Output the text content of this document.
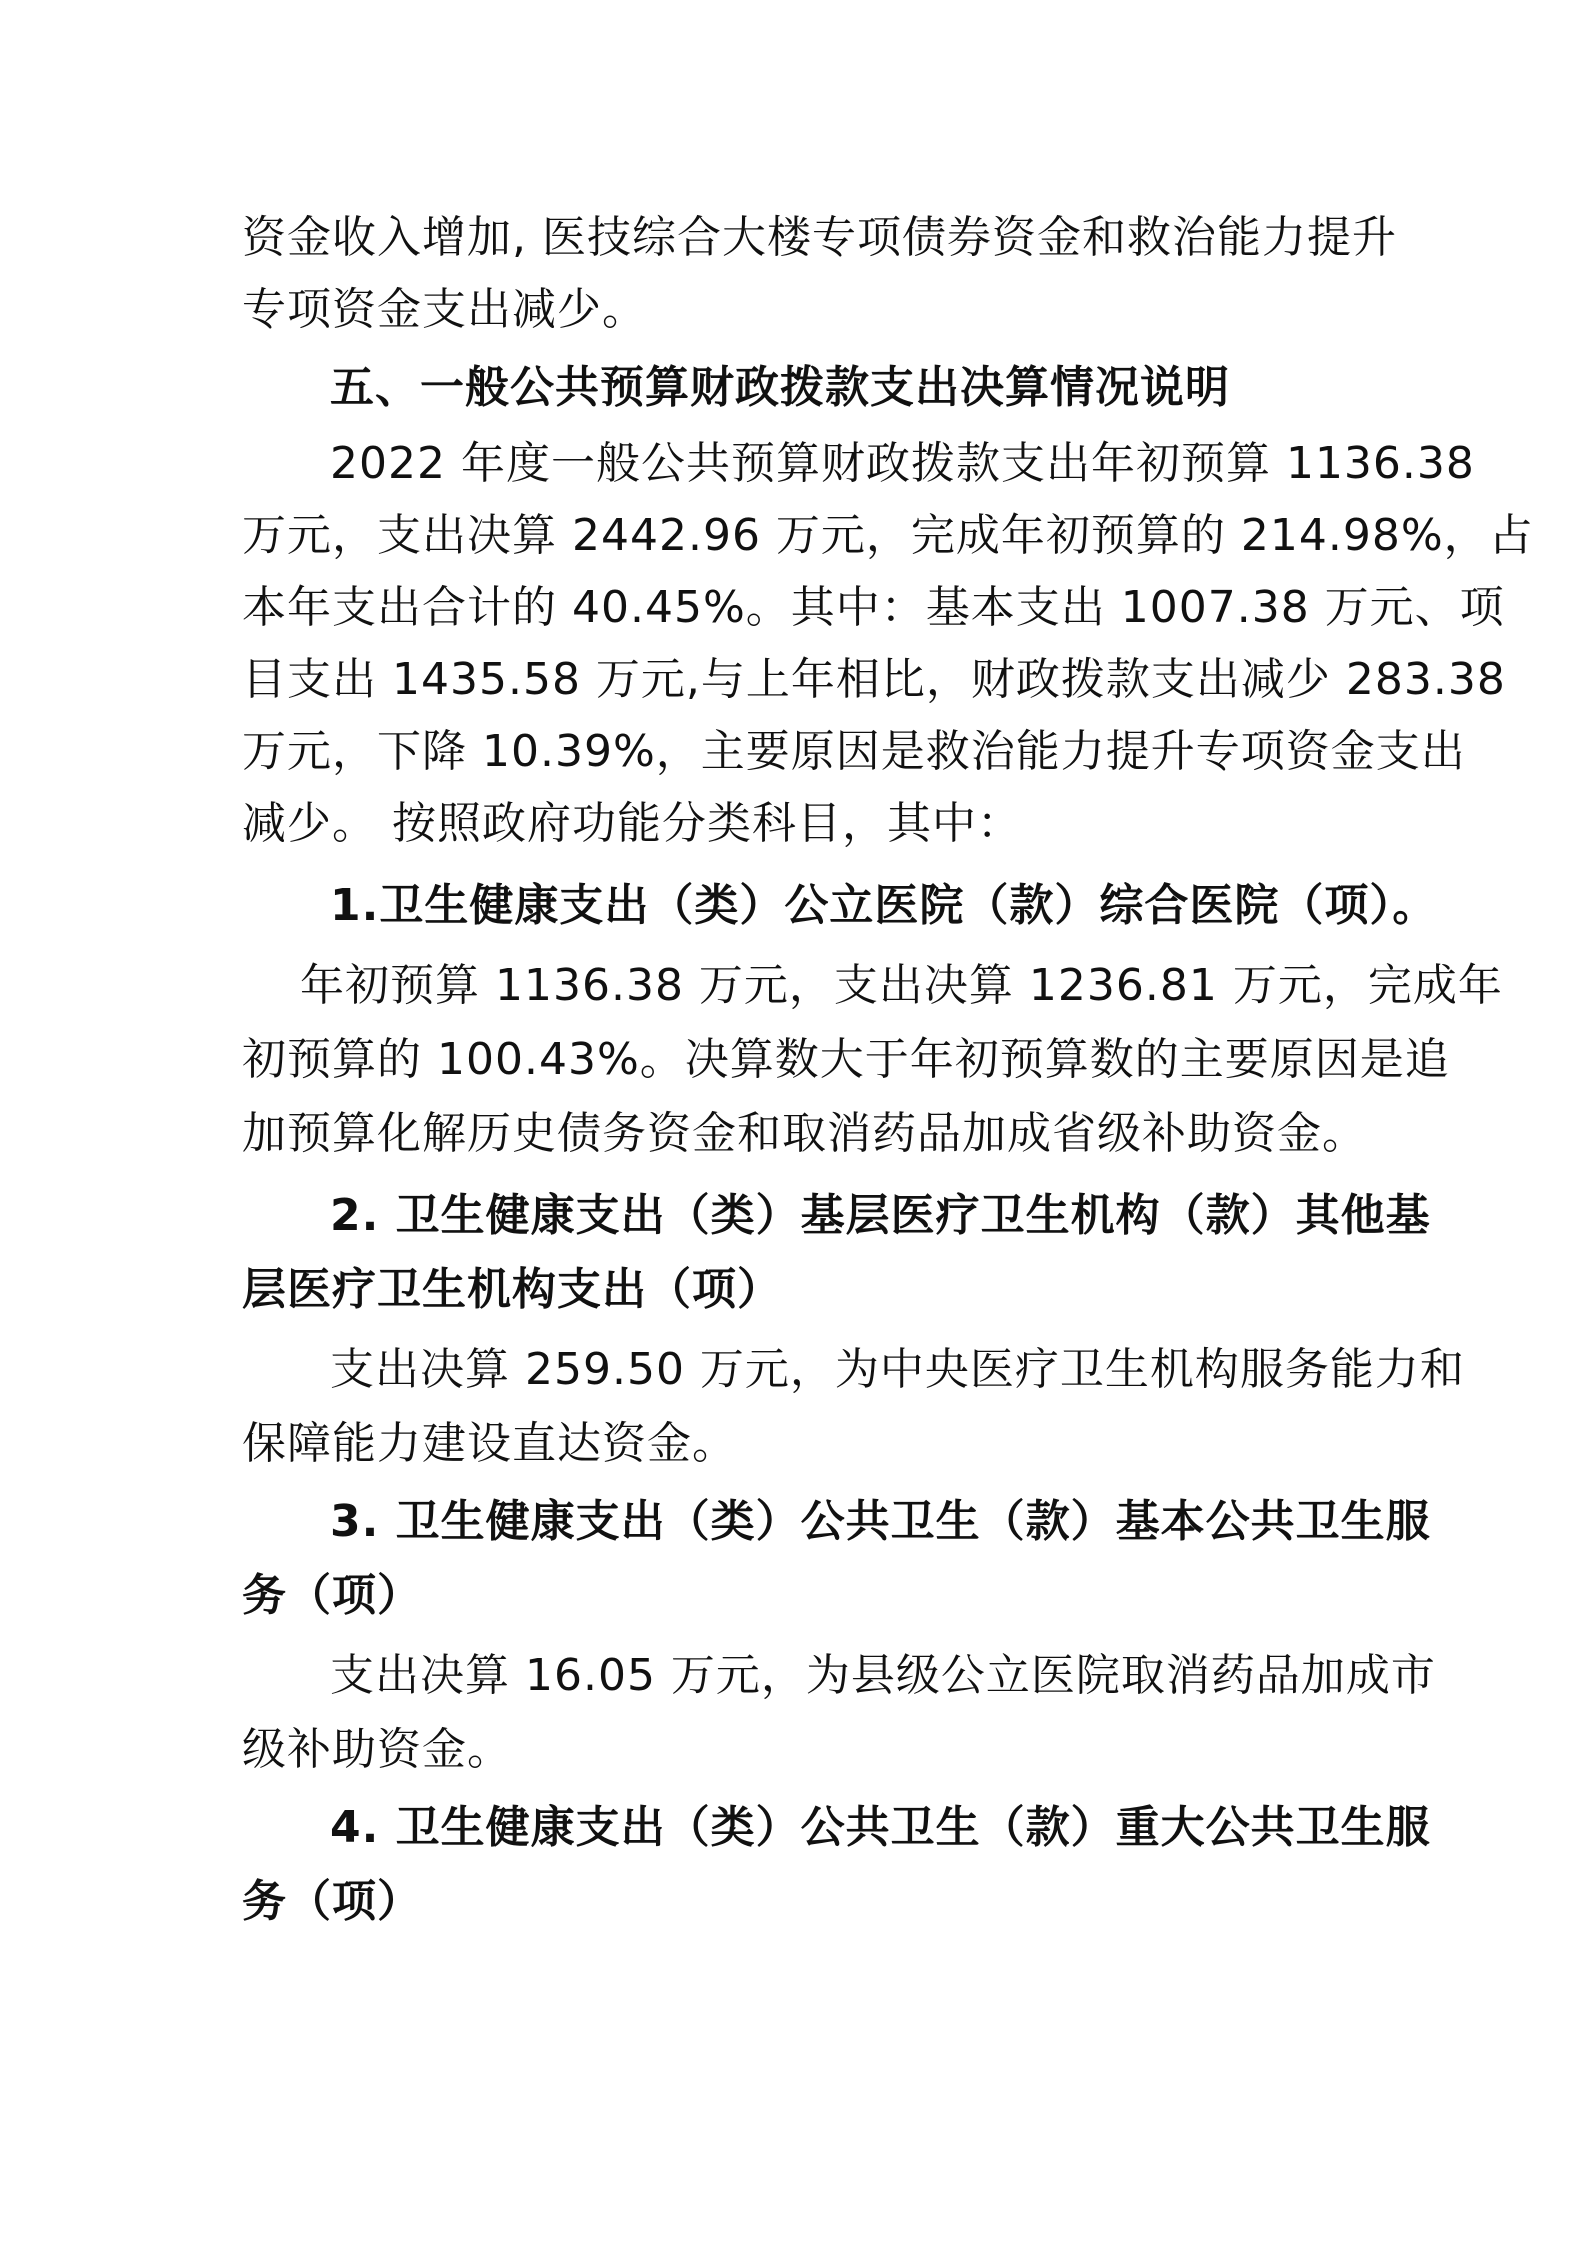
资金收入增加, 医技综合大楼专项债券资金和救治能力提升
专项资金支出减少。
五、一般公共预算财政拨款支出决算情况说明
2022 年度一般公共预算财政拨款支出年初预算 1136.38
万元，支出决算 2442.96 万元，完成年初预算的 214.98%，占
本年支出合计的 40.45%。其中：基本支出 1007.38 万元、项
目支出 1435.58 万元,与上年相比，财政拨款支出减少 283.38
万元，下降 10.39%，主要原因是救治能力提升专项资金支出
减少。 按照政府功能分类科目，其中：
1.卫生健康支出（类）公立医院（款）综合医院（项）。
年初预算 1136.38 万元，支出决算 1236.81 万元，完成年
初预算的 100.43%。决算数大于年初预算数的主要原因是追
加预算化解历史债务资金和取消药品加成省级补助资金。
2. 卫生健康支出（类）基层医疗卫生机构（款）其他基
层医疗卫生机构支出（项）
支出决算 259.50 万元，为中央医疗卫生机构服务能力和
保障能力建设直达资金。
3. 卫生健康支出（类）公共卫生（款）基本公共卫生服
务（项）
支出决算 16.05 万元，为县级公立医院取消药品加成市
级补助资金。
4. 卫生健康支出（类）公共卫生（款）重大公共卫生服
务（项）
